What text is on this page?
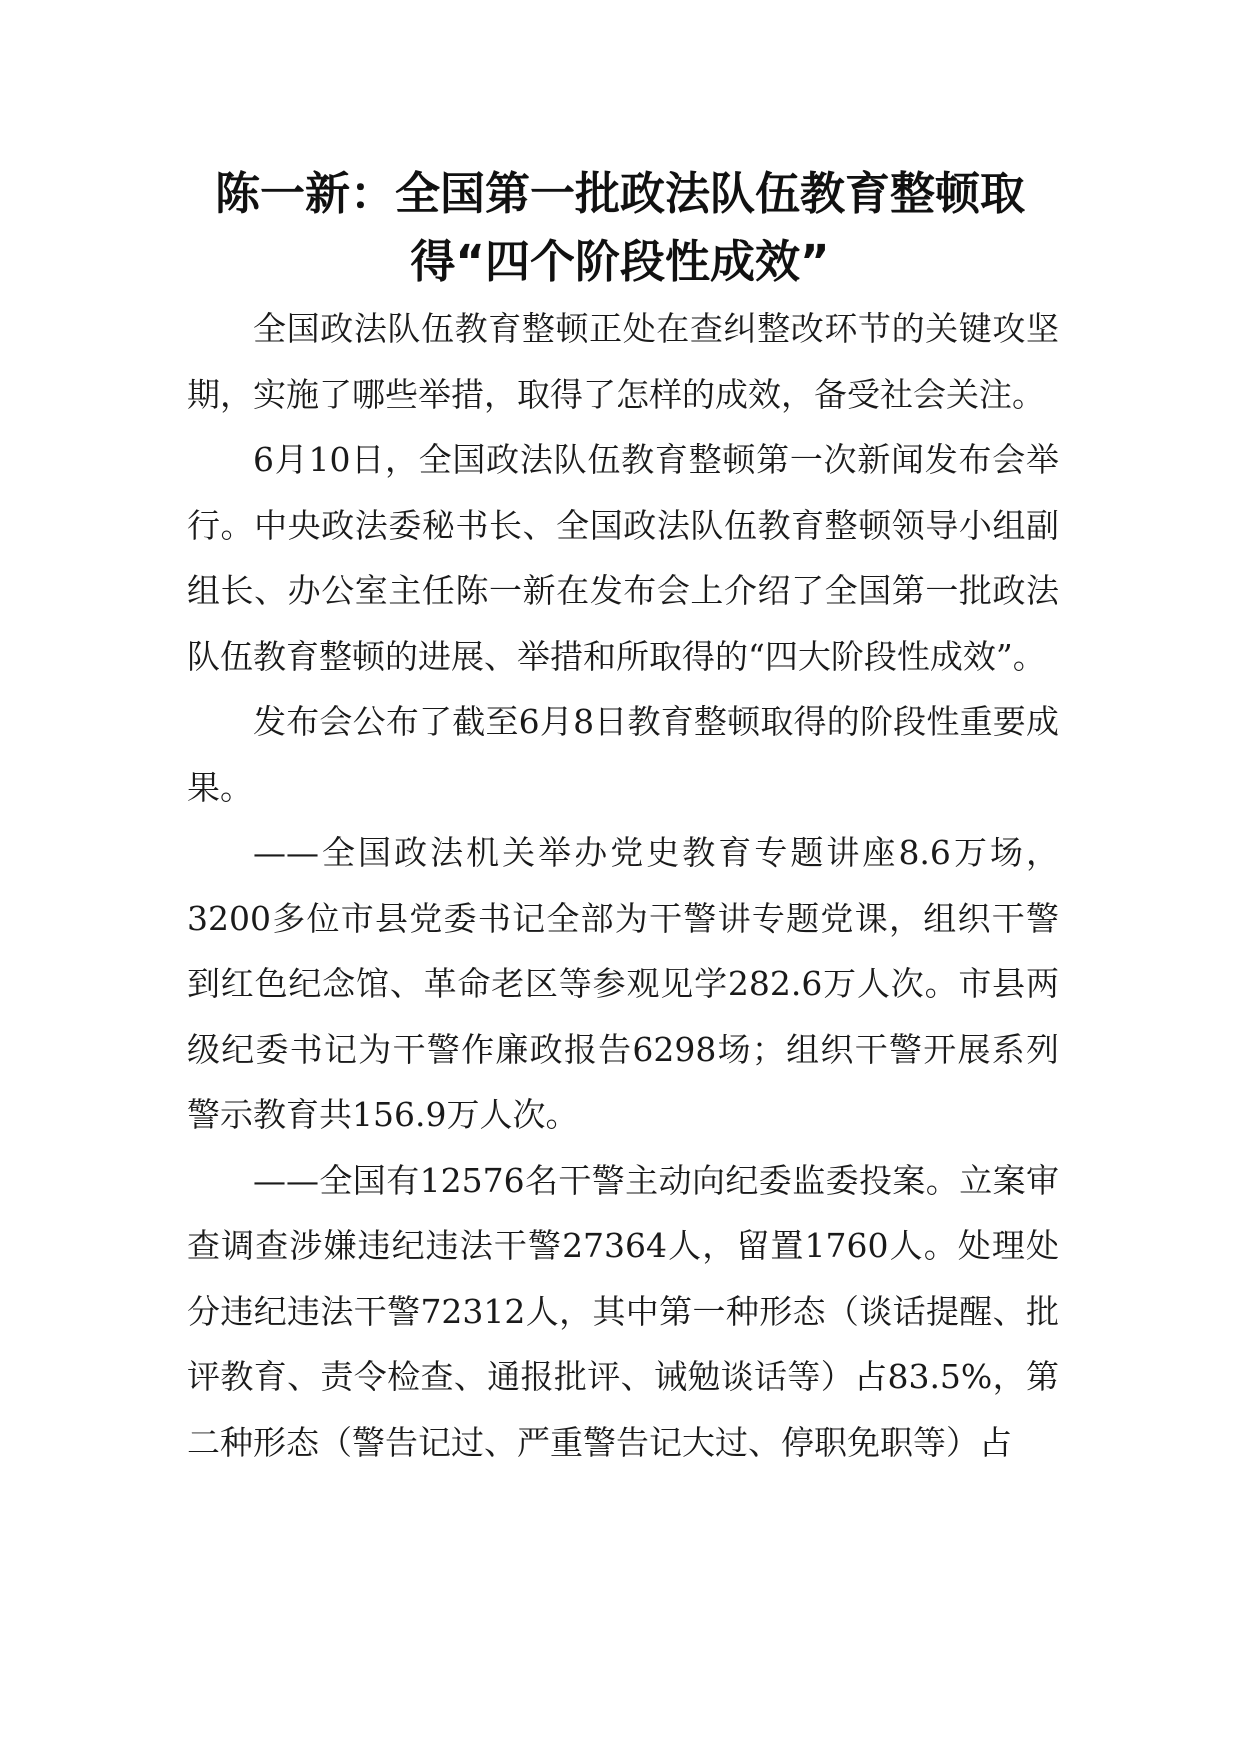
陈一新：全国第一批政法队伍教育整顿取得“四个阶段性成效”

全国政法队伍教育整顿正处在查纠整改环节的关键攻坚期，实施了哪些举措，取得了怎样的成效，备受社会关注。

6月10日，全国政法队伍教育整顿第一次新闻发布会举行。中央政法委秘书长、全国政法队伍教育整顿领导小组副组长、办公室主任陈一新在发布会上介绍了全国第一批政法队伍教育整顿的进展、举措和所取得的“四大阶段性成效”。

发布会公布了截至6月8日教育整顿取得的阶段性重要成果。

——全国政法机关举办党史教育专题讲座8.6万场，3200多位市县党委书记全部为干警讲专题党课，组织干警到红色纪念馆、革命老区等参观见学282.6万人次。市县两级纪委书记为干警作廉政报告6298场；组织干警开展系列警示教育共156.9万人次。

——全国有12576名干警主动向纪委监委投案。立案审查调查涉嫌违纪违法干警27364人，留置1760人。处理处分违纪违法干警72312人，其中第一种形态（谈话提醒、批评教育、责令检查、通报批评、诫勉谈话等）占83.5%，第二种形态（警告记过、严重警告记大过、停职免职等）占
